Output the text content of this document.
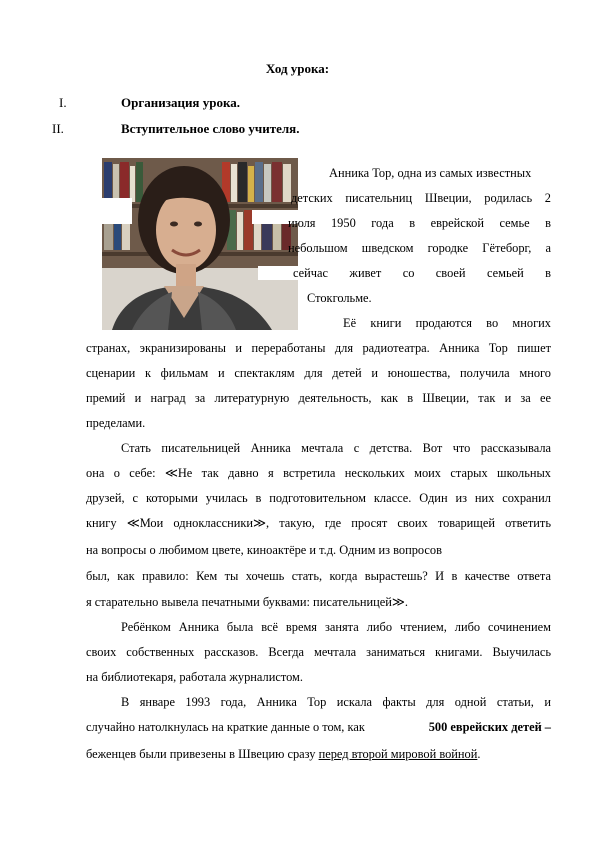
Ход урока:
I.	Организация урока.
II.	Вступительное слово учителя.
Анника Тор, одна из самых известных
детских писательниц Швеции, родилась 2
июля 1950 года в еврейской семье в
небольшом шведском городке Гётеборг, а
сейчас живет со своей семьей в
Стокгольме.
Её книги продаются во многих
странах, экранизированы и переработаны для радиотеатра. Анника Тор пишет
сценарии к фильмам и спектаклям для детей и юношества, получила много
премий и наград за литературную деятельность, как в Швеции, так и за ее
пределами.
Стать писательницей Анника мечтала с детства. Вот что рассказывала
она о себе: ≪Не так давно я встретила нескольких моих старых школьных
друзей, с которыми училась в подготовительном классе. Один из них сохранил
книгу ≪Мои одноклассники≫, такую, где просят своих товарищей ответить
на вопросы о любимом цвете, киноактёре и т.д. Одним из вопросов
был, как правило: Кем ты хочешь стать, когда вырастешь? И в качестве ответа
я старательно вывела печатными буквами: писательницей≫.
Ребёнком Анника была всё время занята либо чтением, либо сочинением
своих собственных рассказов. Всегда мечтала заниматься книгами. Выучилась
на библиотекаря, работала журналистом.
В январе 1993 года, Анника Тор искала факты для одной статьи, и
случайно натолкнулась на краткие данные о том, как	500 еврейских детей –
беженцев были привезены в Швецию сразу перед второй мировой войной.
